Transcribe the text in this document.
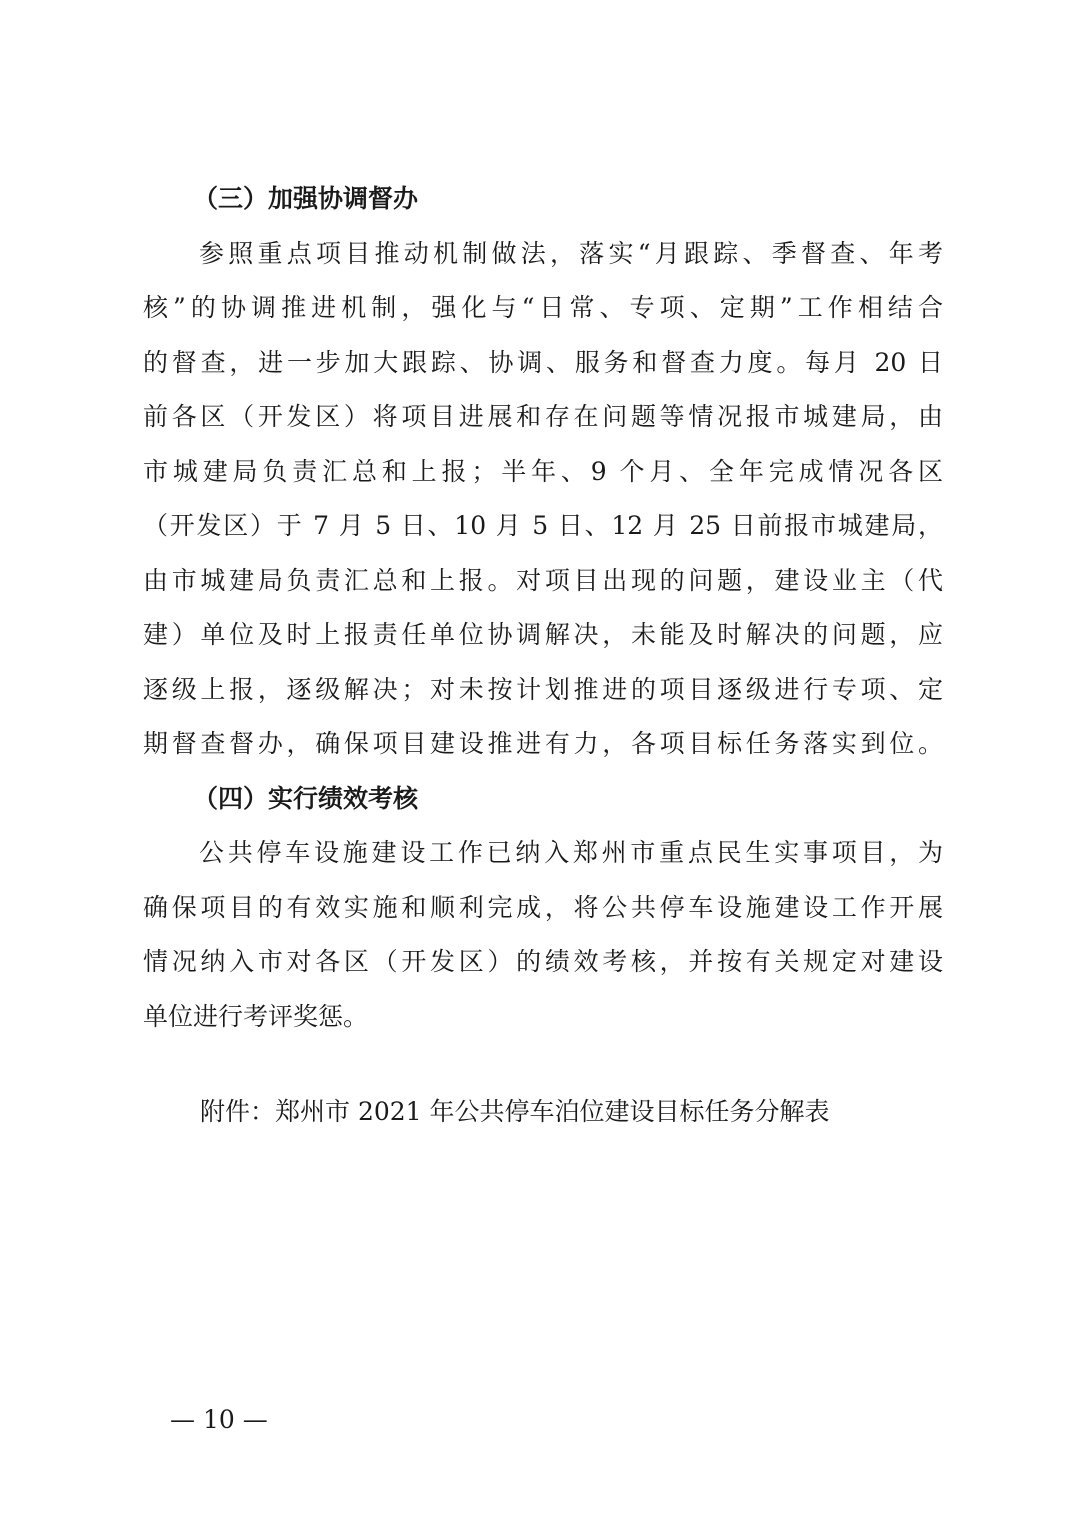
（三）加强协调督办
参照重点项目推动机制做法，落实“月跟踪、季督查、年考
核”的协调推进机制，强化与“日常、专项、定期”工作相结合
的督查，进一步加大跟踪、协调、服务和督查力度。每月 20 日
前各区（开发区）将项目进展和存在问题等情况报市城建局，由
市城建局负责汇总和上报；半年、9 个月、全年完成情况各区
（开发区）于 7 月 5 日、10 月 5 日、12 月 25 日前报市城建局，
由市城建局负责汇总和上报。对项目出现的问题，建设业主（代
建）单位及时上报责任单位协调解决，未能及时解决的问题，应
逐级上报，逐级解决；对未按计划推进的项目逐级进行专项、定
期督查督办，确保项目建设推进有力，各项目标任务落实到位。
（四）实行绩效考核
公共停车设施建设工作已纳入郑州市重点民生实事项目，为
确保项目的有效实施和顺利完成，将公共停车设施建设工作开展
情况纳入市对各区（开发区）的绩效考核，并按有关规定对建设
单位进行考评奖惩。
附件：郑州市 2021 年公共停车泊位建设目标任务分解表
— 10 —
